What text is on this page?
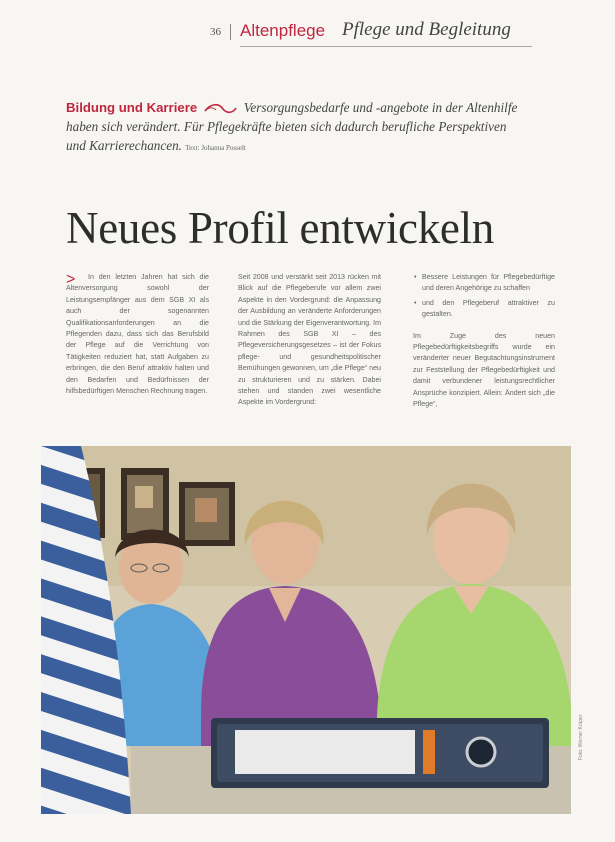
36 Altenpflege Pflege und Begleitung
Bildung und Karriere	Versorgungsbedarfe und -angebote in der Altenhilfe haben sich verändert. Für Pflegekräfte bieten sich dadurch berufliche Perspektiven und Karrierechancen. Text: Johanna Posselt
Neues Profil entwickeln
>	In den letzten Jahren hat sich die Altenversorgung sowohl der Leistungsempfänger aus dem SGB XI als auch der sogenannten Qualifikationsanforderungen an die Pflegenden dazu, dass sich das Berufsbild der Pflege auf die Verrichtung von Tätigkeiten reduziert hat, statt Aufgaben zu erbringen, die den Beruf attraktiv halten und den Bedarfen und Bedürfnissen der hilfsbedürftigen Menschen Rechnung tragen.

Seit 2008 und verstärkt seit 2013 rücken mit Blick auf die Pflegeberufe vor allem zwei Aspekte in den Vordergrund: die Anpassung der Ausbildung an veränderte Anforderungen und die Stärkung der Eigenverantwortung. Im Rahmen des SGB XI – des Pflegeversicherungsgesetzes – ist der Fokus pflege- und gesundheitspolitischer Bemühungen gewonnen, um „die Pflege“ neu zu strukturieren und zu stärken. Dabei stehen und standen zwei wesentliche Aspekte im Vordergrund:

• Bessere Leistungen für Pflegebedürftige und deren Angehörige zu schaffen
• und den Pflegeberuf attraktiver zu gestalten.

Im Zuge des neuen Pflegebedürftigkeitsbegriffs wurde ein veränderter neuer Begutachtungsinstrument zur Feststellung der Pflegebedürftigkeit und damit verbundener leistungsrechtlicher Ansprüche konzipiert. Allein: Ändert sich „die Pflege“,

Foto: Werner Krüper
